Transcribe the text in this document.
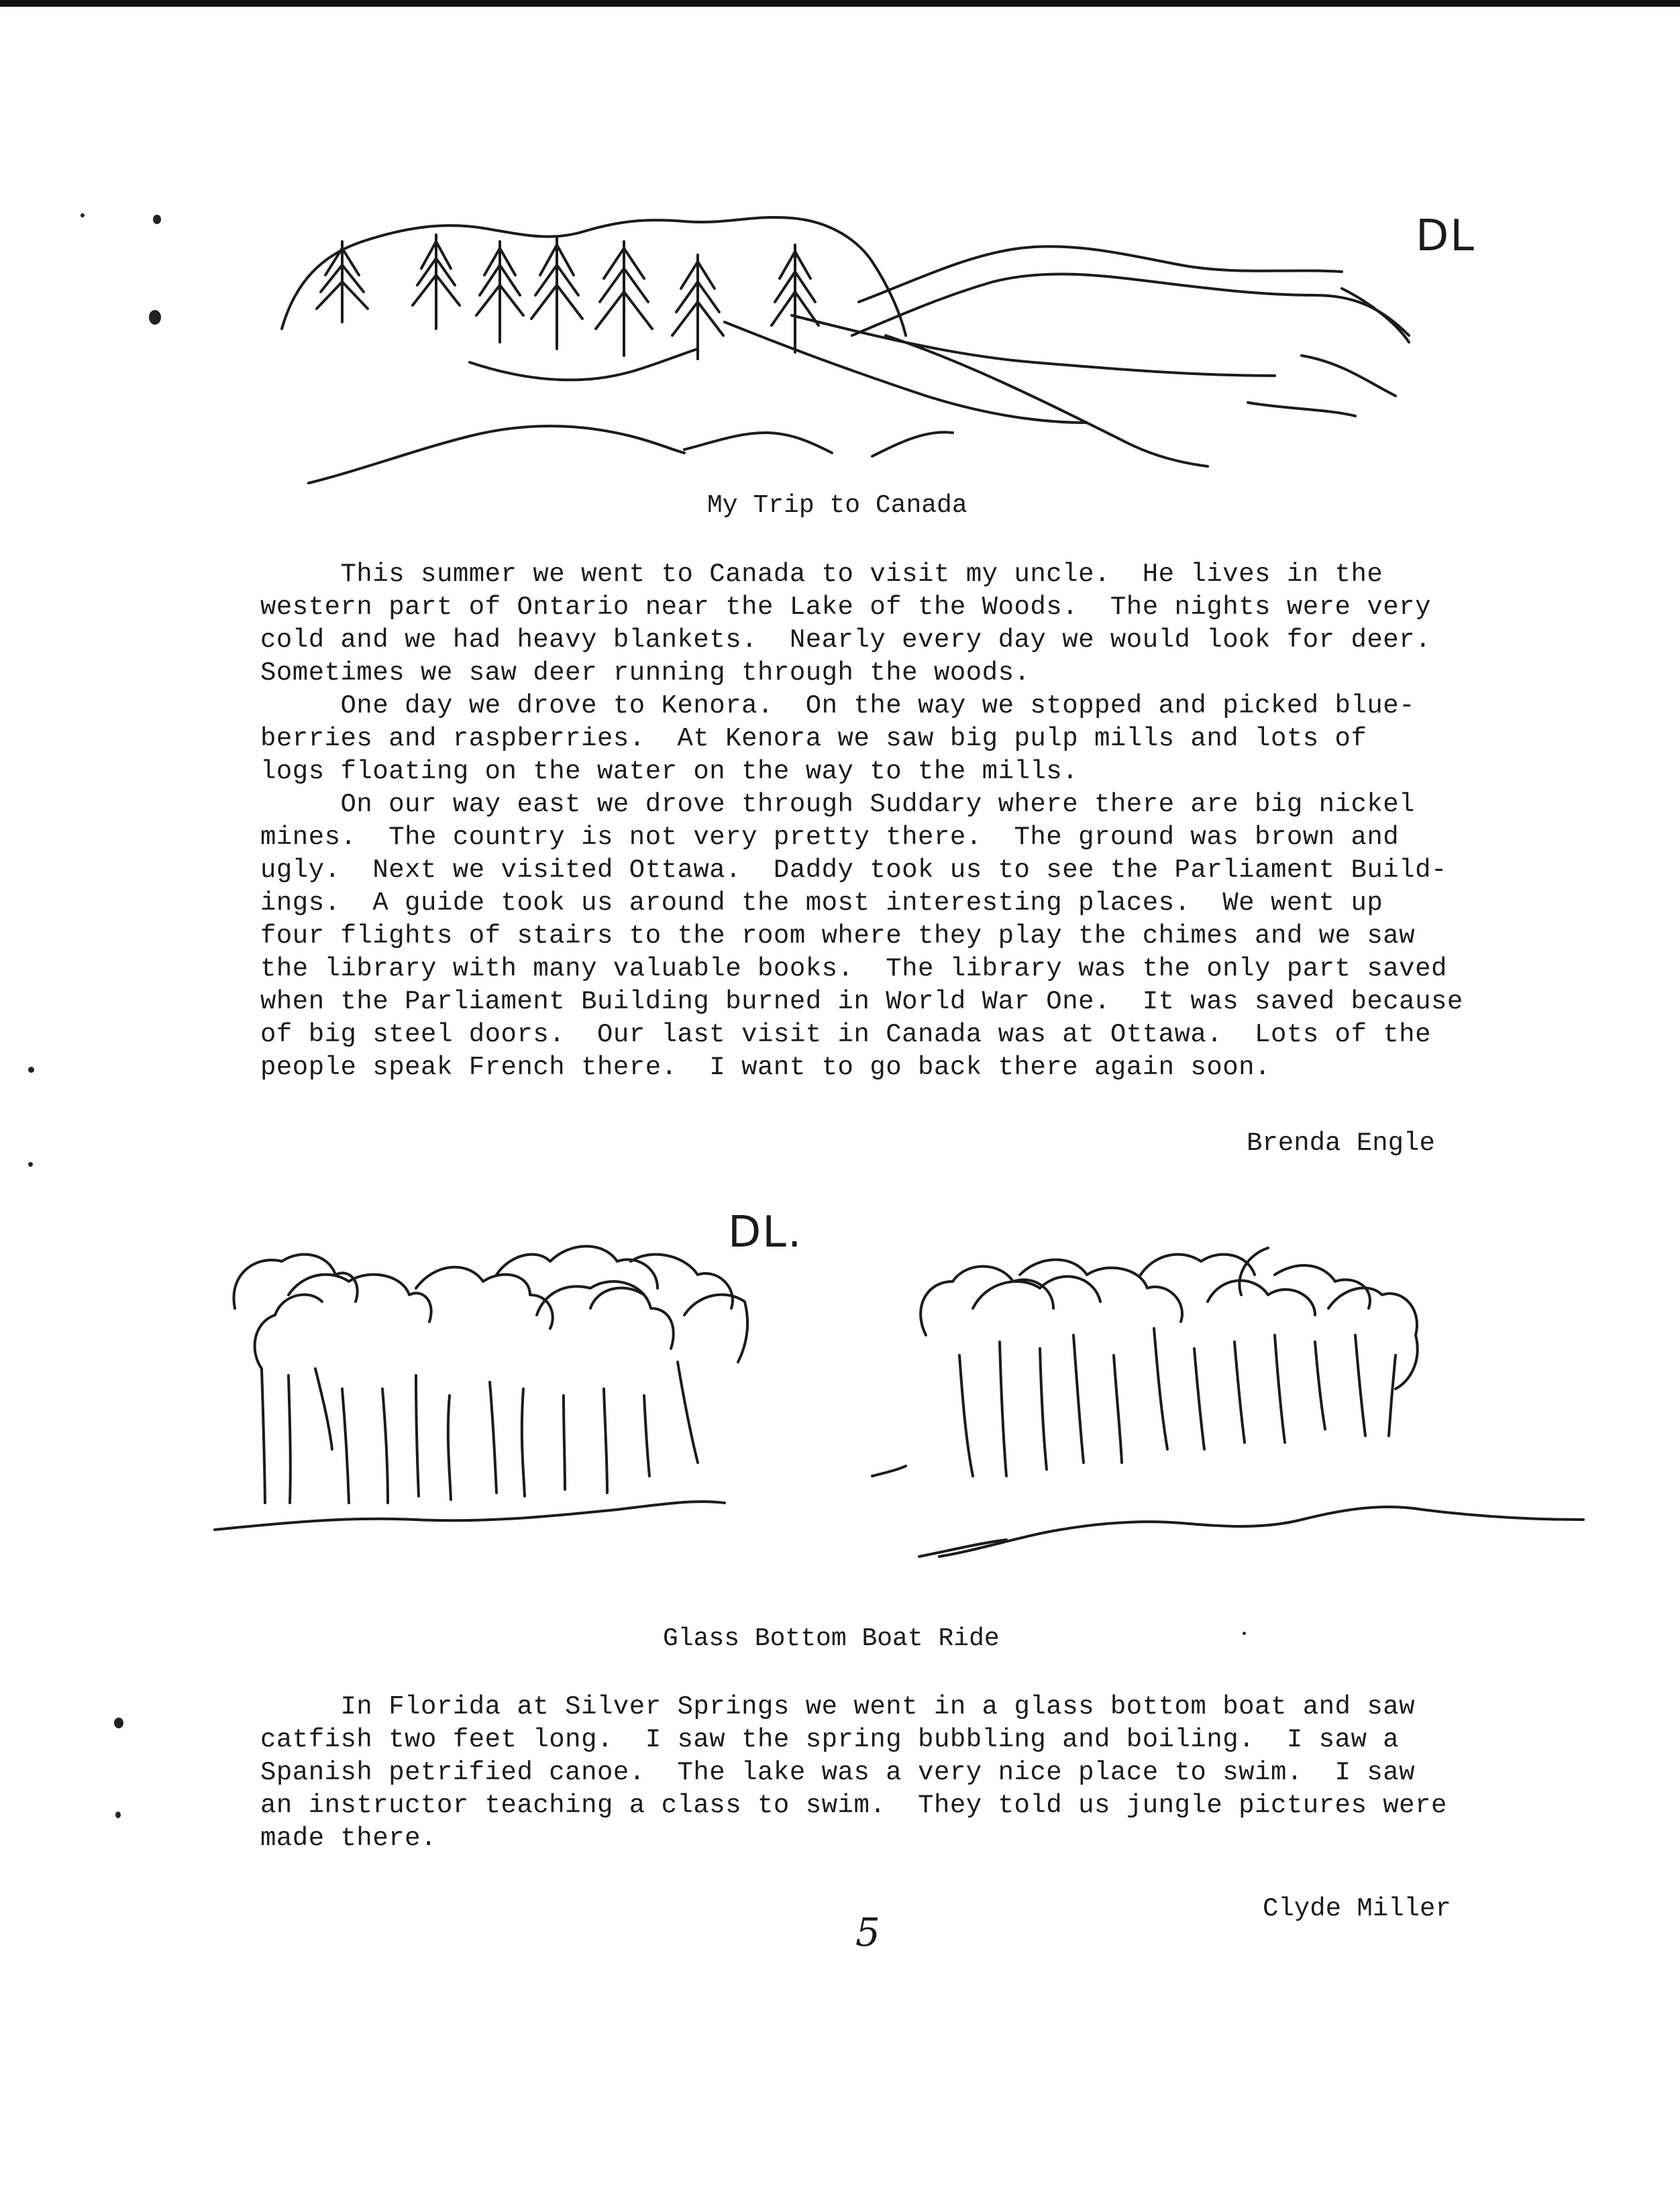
DL
My Trip to Canada
This summer we went to Canada to visit my uncle.  He lives in the
western part of Ontario near the Lake of the Woods.  The nights were very
cold and we had heavy blankets.  Nearly every day we would look for deer.
Sometimes we saw deer running through the woods.
One day we drove to Kenora.  On the way we stopped and picked blue-
berries and raspberries.  At Kenora we saw big pulp mills and lots of
logs floating on the water on the way to the mills.
On our way east we drove through Suddary where there are big nickel
mines.  The country is not very pretty there.  The ground was brown and
ugly.  Next we visited Ottawa.  Daddy took us to see the Parliament Build-
ings.  A guide took us around the most interesting places.  We went up
four flights of stairs to the room where they play the chimes and we saw
the library with many valuable books.  The library was the only part saved
when the Parliament Building burned in World War One.  It was saved because
of big steel doors.  Our last visit in Canada was at Ottawa.  Lots of the
people speak French there.  I want to go back there again soon.
Brenda Engle
DL.
Glass Bottom Boat Ride
In Florida at Silver Springs we went in a glass bottom boat and saw
catfish two feet long.  I saw the spring bubbling and boiling.  I saw a
Spanish petrified canoe.  The lake was a very nice place to swim.  I saw
an instructor teaching a class to swim.  They told us jungle pictures were
made there.
Clyde Miller
5
